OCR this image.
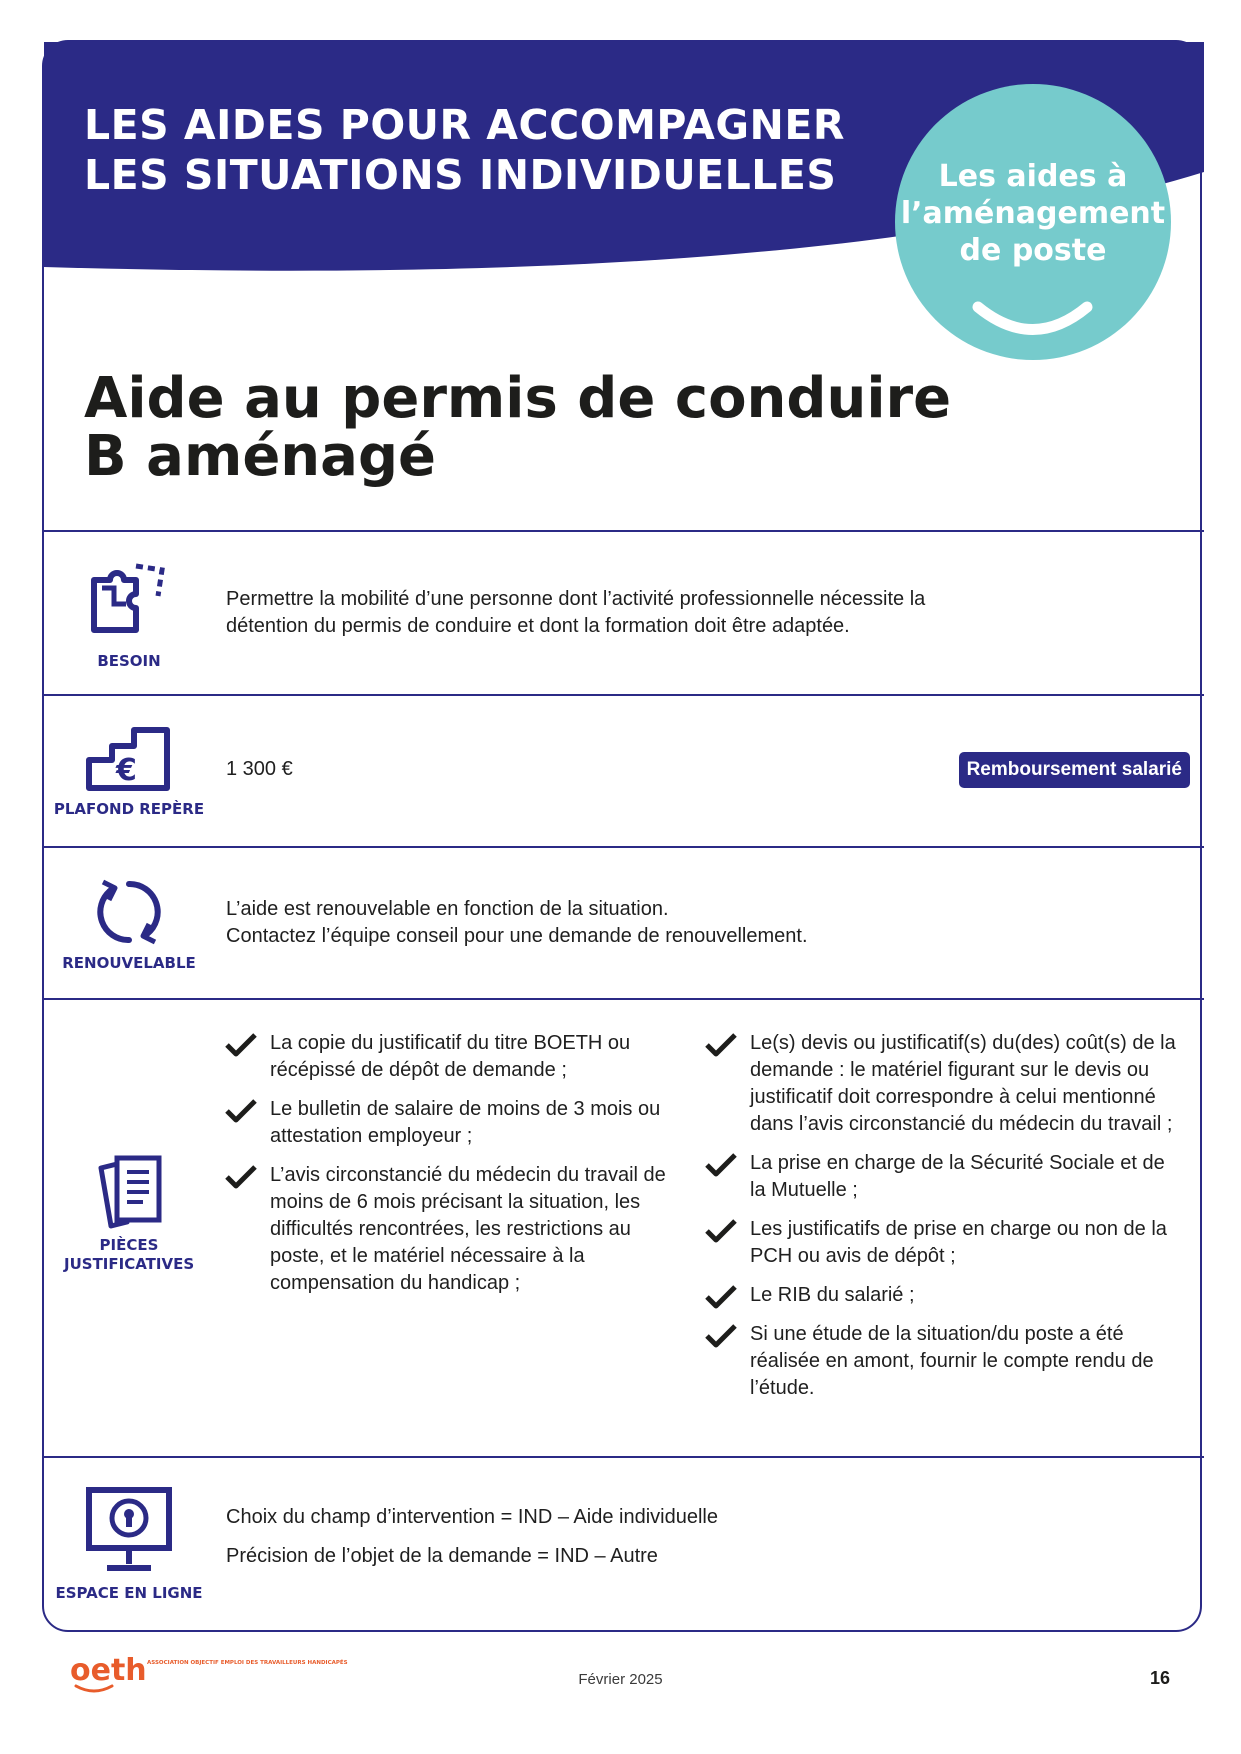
LES AIDES POUR ACCOMPAGNER LES SITUATIONS INDIVIDUELLES	Les aides à l’aménagement de poste
Aide au permis de conduire B aménagé
BESOIN

Permettre la mobilité d’une personne dont l’activité professionnelle nécessite la détention du permis de conduire et dont la formation doit être adaptée.

€
PLAFOND REPÈRE

1 300 €	Remboursement salarié
RENOUVELABLE

L’aide est renouvelable en fonction de la situation.

Contactez l’équipe conseil pour une demande de renouvellement.

PIÈCES JUSTIFICATIVES
La copie du justificatif du titre BOETH ou récépissé de dépôt de demande ;
Le bulletin de salaire de moins de 3 mois ou attestation employeur ;
L’avis circonstancié du médecin du travail de moins de 6 mois précisant la situation, les difficultés rencontrées, les restrictions au poste, et le matériel nécessaire à la compensation du handicap ;
Le(s) devis ou justificatif(s) du(des) coût(s) de la demande : le matériel figurant sur le devis ou justificatif doit correspondre à celui mentionné dans l’avis circonstancié du médecin du travail ;
La prise en charge de la Sécurité Sociale et de la Mutuelle ;
Les justificatifs de prise en charge ou non de la PCH ou avis de dépôt ;
Le RIB du salarié ;
Si une étude de la situation/du poste a été réalisée en amont, fournir le compte rendu de l’étude.
ESPACE EN LIGNE

Choix du champ d’intervention = IND – Aide individuelle

Précision de l’objet de la demande = IND – Autre

oeth ASSOCIATION OBJECTIF EMPLOI DES TRAVAILLEURS HANDICAPÉS
Février 2025	16
